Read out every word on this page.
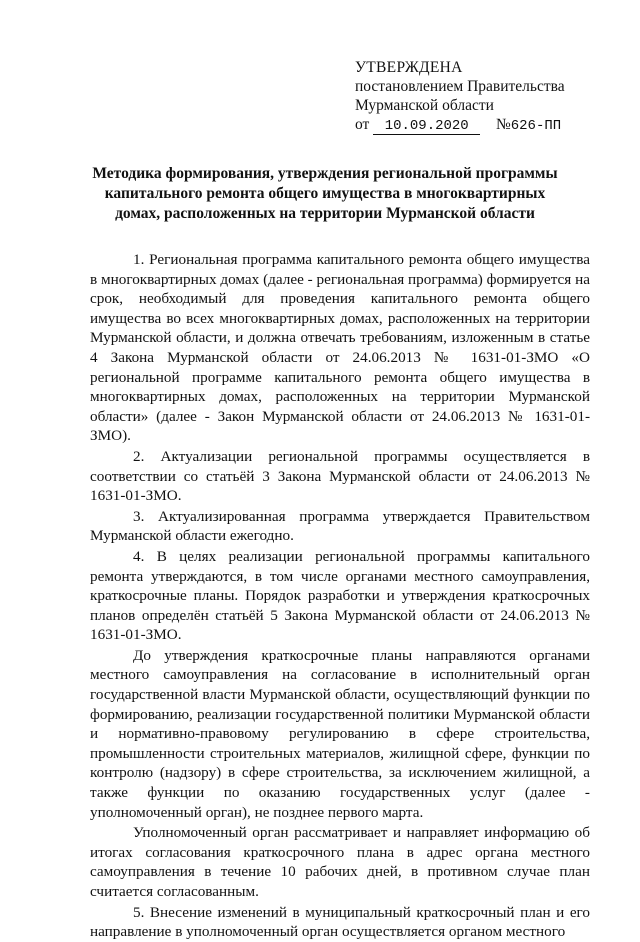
УТВЕРЖДЕНА
постановлением Правительства
Мурманской области
от 10.09.2020 №626-ПП
Методика формирования, утверждения региональной программы
капитального ремонта общего имущества в многоквартирных
домах, расположенных на территории Мурманской области

1. Региональная программа капитального ремонта общего имущества в многоквартирных домах (далее - региональная программа) формируется на срок, необходимый для проведения капитального ремонта общего имущества во всех многоквартирных домах, расположенных на территории Мурманской области, и должна отвечать требованиям, изложенным в статье 4 Закона Мурманской области от 24.06.2013 № 1631-01-ЗМО «О региональной программе капитального ремонта общего имущества в многоквартирных домах, расположенных на территории Мурманской области» (далее - Закон Мурманской области от 24.06.2013 № 1631-01-ЗМО).

2. Актуализации региональной программы осуществляется в соответствии со статьёй 3 Закона Мурманской области от 24.06.2013 № 1631-01-ЗМО.

3. Актуализированная программа утверждается Правительством Мурманской области ежегодно.

4. В целях реализации региональной программы капитального ремонта утверждаются, в том числе органами местного самоуправления, краткосрочные планы. Порядок разработки и утверждения краткосрочных планов определён статьёй 5 Закона Мурманской области от 24.06.2013 № 1631-01-ЗМО.

До утверждения краткосрочные планы направляются органами местного самоуправления на согласование в исполнительный орган государственной власти Мурманской области, осуществляющий функции по формированию, реализации государственной политики Мурманской области и нормативно-правовому регулированию в сфере строительства, промышленности строительных материалов, жилищной сфере, функции по контролю (надзору) в сфере строительства, за исключением жилищной, а также функции по оказанию государственных услуг (далее - уполномоченный орган), не позднее первого марта.

Уполномоченный орган рассматривает и направляет информацию об итогах согласования краткосрочного плана в адрес органа местного самоуправления в течение 10 рабочих дней, в противном случае план считается согласованным.

5. Внесение изменений в муниципальный краткосрочный план и его направление в уполномоченный орган осуществляется органом местного
